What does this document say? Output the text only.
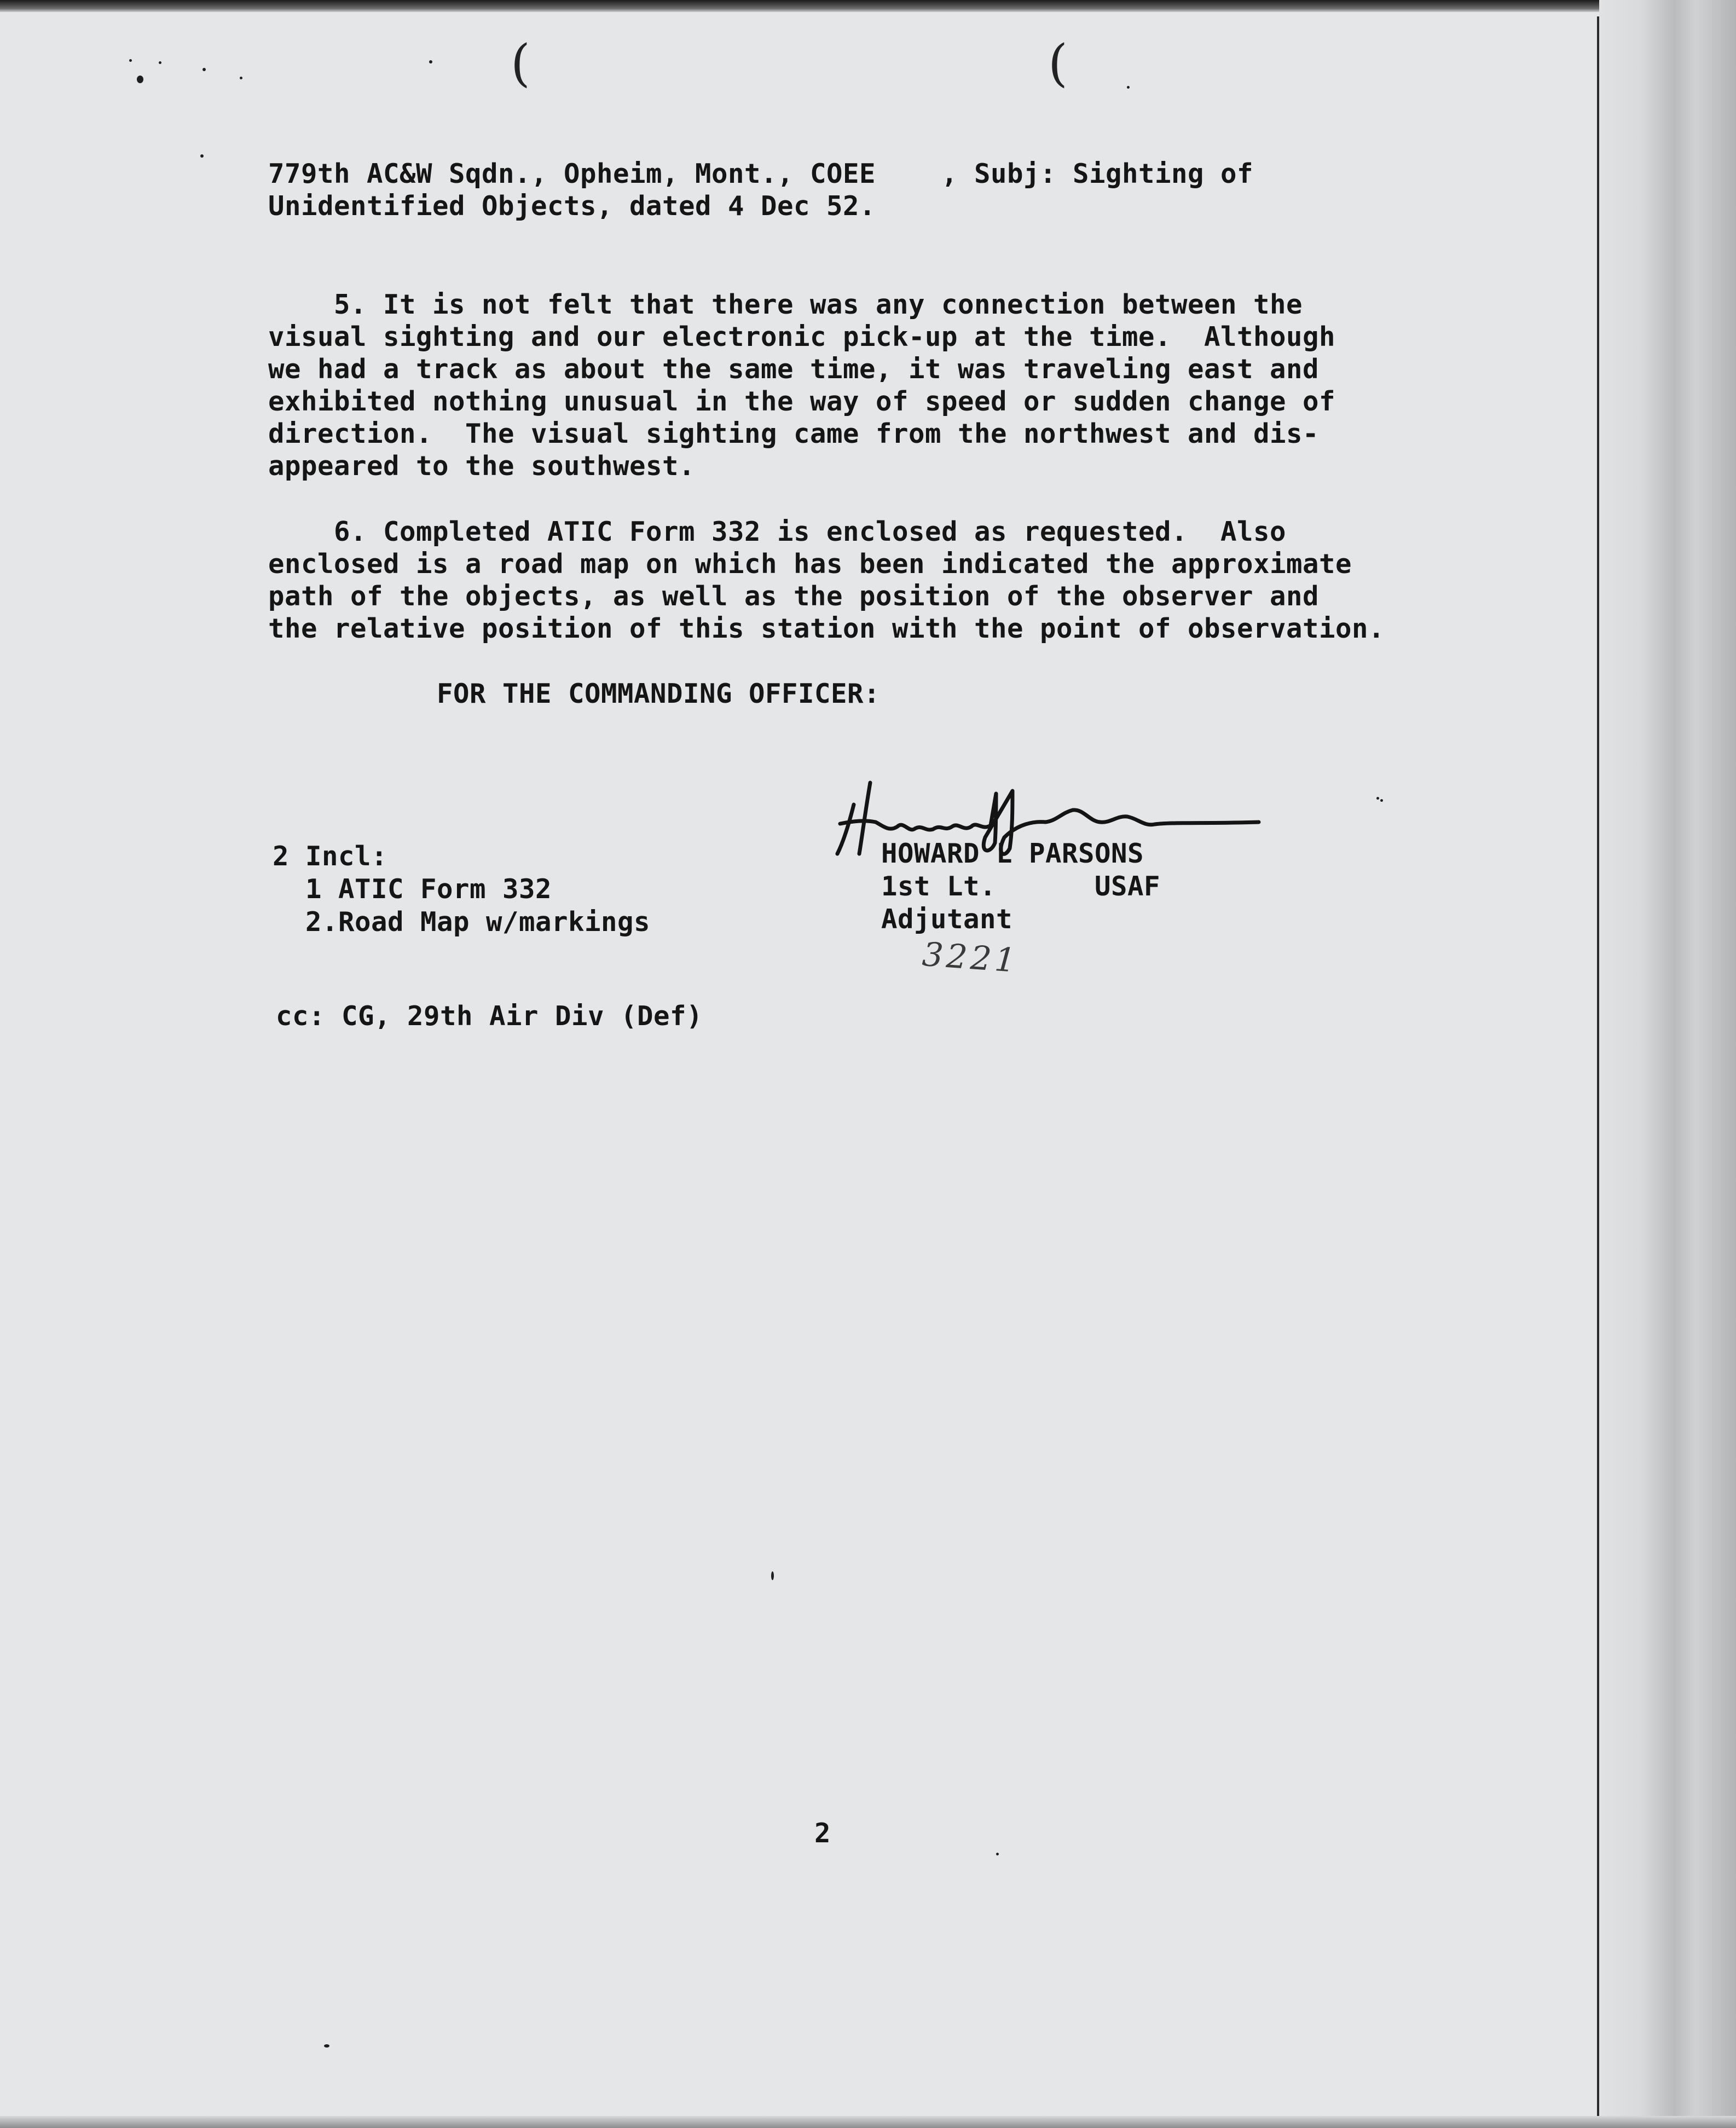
(	(

779th AC&W Sqdn., Opheim, Mont., COEE    , Subj: Sighting of

Unidentified Objects, dated 4 Dec 52.

5. It is not felt that there was any connection between the

visual sighting and our electronic pick-up at the time.  Although

we had a track as about the same time, it was traveling east and

exhibited nothing unusual in the way of speed or sudden change of

direction.  The visual sighting came from the northwest and dis-

appeared to the southwest.

6. Completed ATIC Form 332 is enclosed as requested.  Also

enclosed is a road map on which has been indicated the approximate

path of the objects, as well as the position of the observer and

the relative position of this station with the point of observation.

FOR THE COMMANDING OFFICER:

HOWARD L PARSONS

1st Lt.      USAF

Adjutant

3221

2 Incl:

1 ATIC Form 332

2.Road Map w/markings

cc: CG, 29th Air Div (Def)

2
